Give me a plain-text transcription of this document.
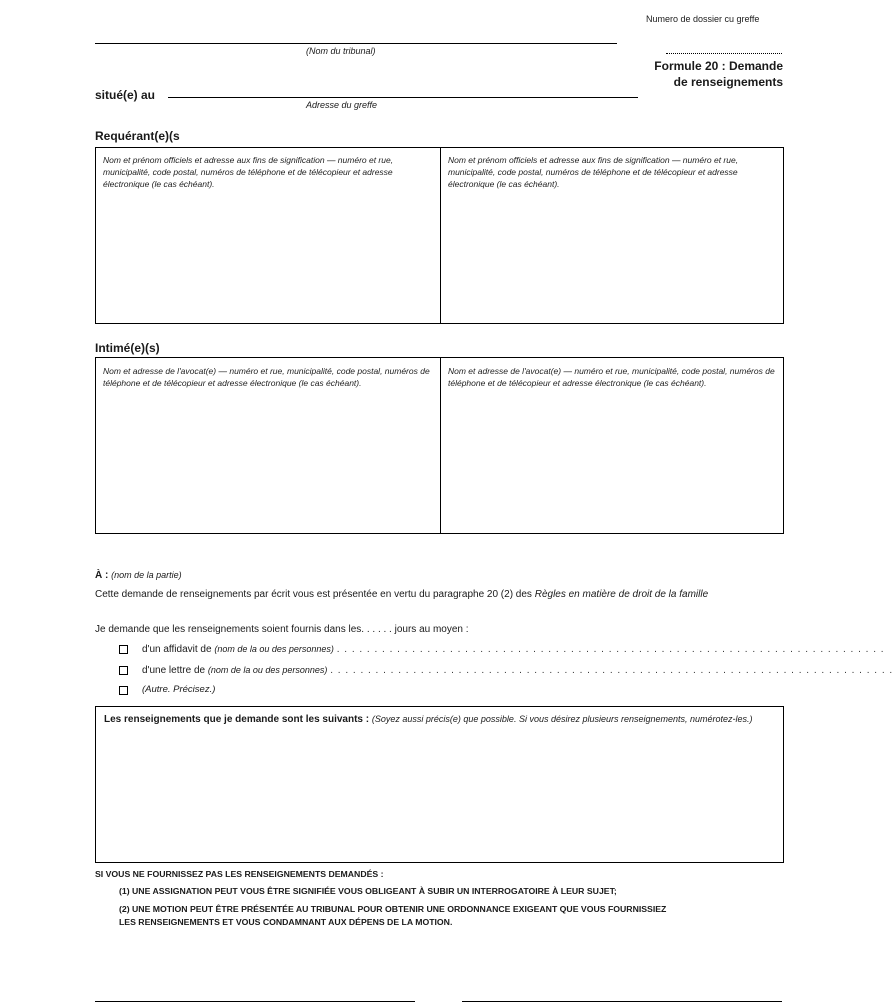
Numero de dossier cu greffe
(Nom du tribunal)
Formule 20 : Demande
de renseignements
situé(e) au
Adresse du greffe
Requérant(e)(s
Nom et prénom officiels et adresse aux fins de signification — numéro et rue, municipalité, code postal, numéros de téléphone et de télécopieur et adresse électronique (le cas échéant).
Nom et prénom officiels et adresse aux fins de signification — numéro et rue, municipalité, code postal, numéros de téléphone et de télécopieur et adresse électronique (le cas échéant).
Intimé(e)(s)
Nom et adresse de l'avocat(e) — numéro et rue, municipalité, code postal, numéros de téléphone et de télécopieur et adresse électronique (le cas échéant).
Nom et adresse de l'avocat(e) — numéro et rue, municipalité, code postal, numéros de téléphone et de télécopieur et adresse électronique (le cas échéant).
À : (nom de la partie)
Cette demande de renseignements par écrit vous est présentée en vertu du paragraphe 20 (2) des Règles en matière de droit de la famille
Je demande que les renseignements soient fournis dans les. . . . . . jours au moyen :
d'un affidavit de (nom de la ou des personnes) . . . . . . . . . . . . . . . . . . . . . . . . . . . . . . . . . . . . . . . . . . . . . . . . . . . . . . . . . . . . . . . . . . . . . . . . .
d'une lettre de (nom de la ou des personnes) . . . . . . . . . . . . . . . . . . . . . . . . . . . . . . . . . . . . . . . . . . . . . . . . . . . . . . . . . . . . . . . . . . . . . . . . . . .
(Autre. Précisez.)
Les renseignements que je demande sont les suivants : (Soyez aussi précis(e) que possible. Si vous désirez plusieurs renseignements, numérotez-les.)
SI VOUS NE FOURNISSEZ PAS LES RENSEIGNEMENTS DEMANDÉS :
(1) UNE ASSIGNATION PEUT VOUS ÊTRE SIGNIFIÉE VOUS OBLIGEANT À SUBIR UN INTERROGATOIRE À LEUR SUJET;
(2) UNE MOTION PEUT ÊTRE PRÉSENTÉE AU TRIBUNAL POUR OBTENIR UNE ORDONNANCE EXIGEANT QUE VOUS FOURNISSIEZ
LES RENSEIGNEMENTS ET VOUS CONDAMNANT AUX DÉPENS DE LA MOTION.
